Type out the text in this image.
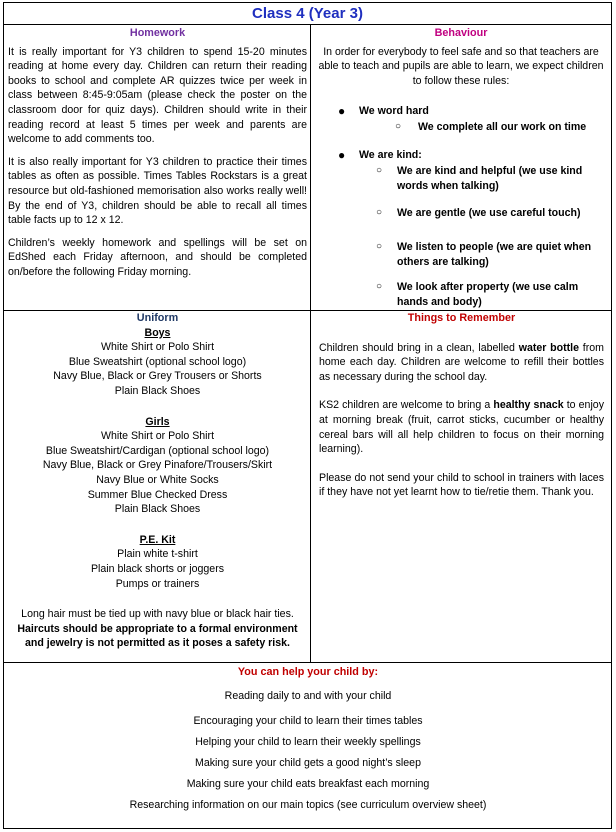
Class 4 (Year 3)
Homework

It is really important for Y3 children to spend 15-20 minutes reading at home every day. Children can return their reading books to school and complete AR quizzes twice per week in class between 8:45-9:05am (please check the poster on the classroom door for quiz days). Children should write in their reading record at least 5 times per week and parents are welcome to add comments too.

It is also really important for Y3 children to practice their times tables as often as possible. Times Tables Rockstars is a great resource but old-fashioned memorisation also works really well! By the end of Y3, children should be able to recall all times table facts up to 12 x 12.

Children’s weekly homework and spellings will be set on EdShed each Friday afternoon, and should be completed on/before the following Friday morning.

Behaviour
In order for everybody to feel safe and so that teachers are able to teach and pupils are able to learn, we expect children to follow these rules:
● We word hard
○ We complete all our work on time
● We are kind:
○ We are kind and helpful (we use kind words when talking)
○ We are gentle (we use careful touch)
○ We listen to people (we are quiet when others are talking)
○ We look after property (we use calm hands and body)
Uniform
Boys
White Shirt or Polo Shirt
Blue Sweatshirt (optional school logo)
Navy Blue, Black or Grey Trousers or Shorts
Plain Black Shoes
Girls
White Shirt or Polo Shirt
Blue Sweatshirt/Cardigan (optional school logo)
Navy Blue, Black or Grey Pinafore/Trousers/Skirt
Navy Blue or White Socks
Summer Blue Checked Dress
Plain Black Shoes
P.E. Kit
Plain white t-shirt
Plain black shorts or joggers
Pumps or trainers
Long hair must be tied up with navy blue or black hair ties.
Haircuts should be appropriate to a formal environment and jewelry is not permitted as it poses a safety risk.
Things to Remember

Children should bring in a clean, labelled water bottle from home each day. Children are welcome to refill their bottles as necessary during the school day.

KS2 children are welcome to bring a healthy snack to enjoy at morning break (fruit, carrot sticks, cucumber or healthy cereal bars will all help children to focus on their morning learning).

Please do not send your child to school in trainers with laces if they have not yet learnt how to tie/retie them. Thank you.

You can help your child by:
Reading daily to and with your child
Encouraging your child to learn their times tables
Helping your child to learn their weekly spellings
Making sure your child gets a good night’s sleep
Making sure your child eats breakfast each morning
Researching information on our main topics (see curriculum overview sheet)
